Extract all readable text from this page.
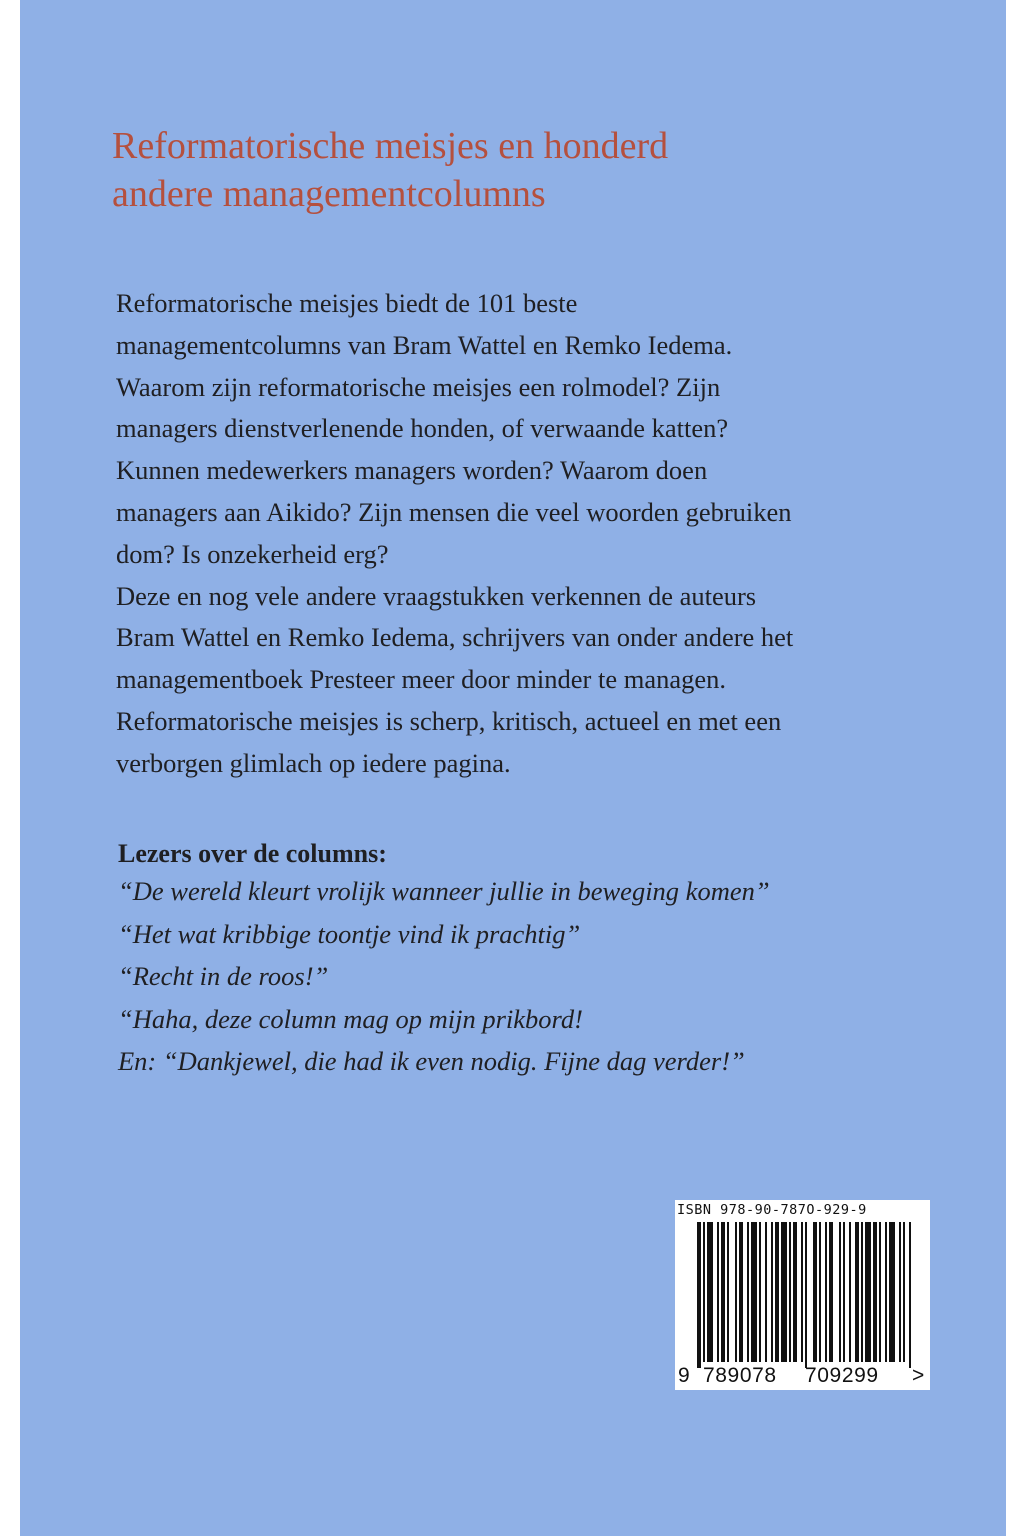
Reformatorische meisjes en honderd
andere managementcolumns

Reformatorische meisjes biedt de 101 beste
managementcolumns van Bram Wattel en Remko Iedema.
Waarom zijn reformatorische meisjes een rolmodel? Zijn
managers dienstverlenende honden, of verwaande katten?
Kunnen medewerkers managers worden? Waarom doen
managers aan Aikido? Zijn mensen die veel woorden gebruiken
dom? Is onzekerheid erg?
Deze en nog vele andere vraagstukken verkennen de auteurs
Bram Wattel en Remko Iedema, schrijvers van onder andere het
managementboek Presteer meer door minder te managen.
Reformatorische meisjes is scherp, kritisch, actueel en met een
verborgen glimlach op iedere pagina.

Lezers over de columns:
“De wereld kleurt vrolijk wanneer jullie in beweging komen”
“Het wat kribbige toontje vind ik prachtig”
“Recht in de roos!”
“Haha, deze column mag op mijn prikbord!
En: “Dankjewel, die had ik even nodig. Fijne dag verder!”
ISBN 978-90-787O-929-9
9 789078 709299 >
